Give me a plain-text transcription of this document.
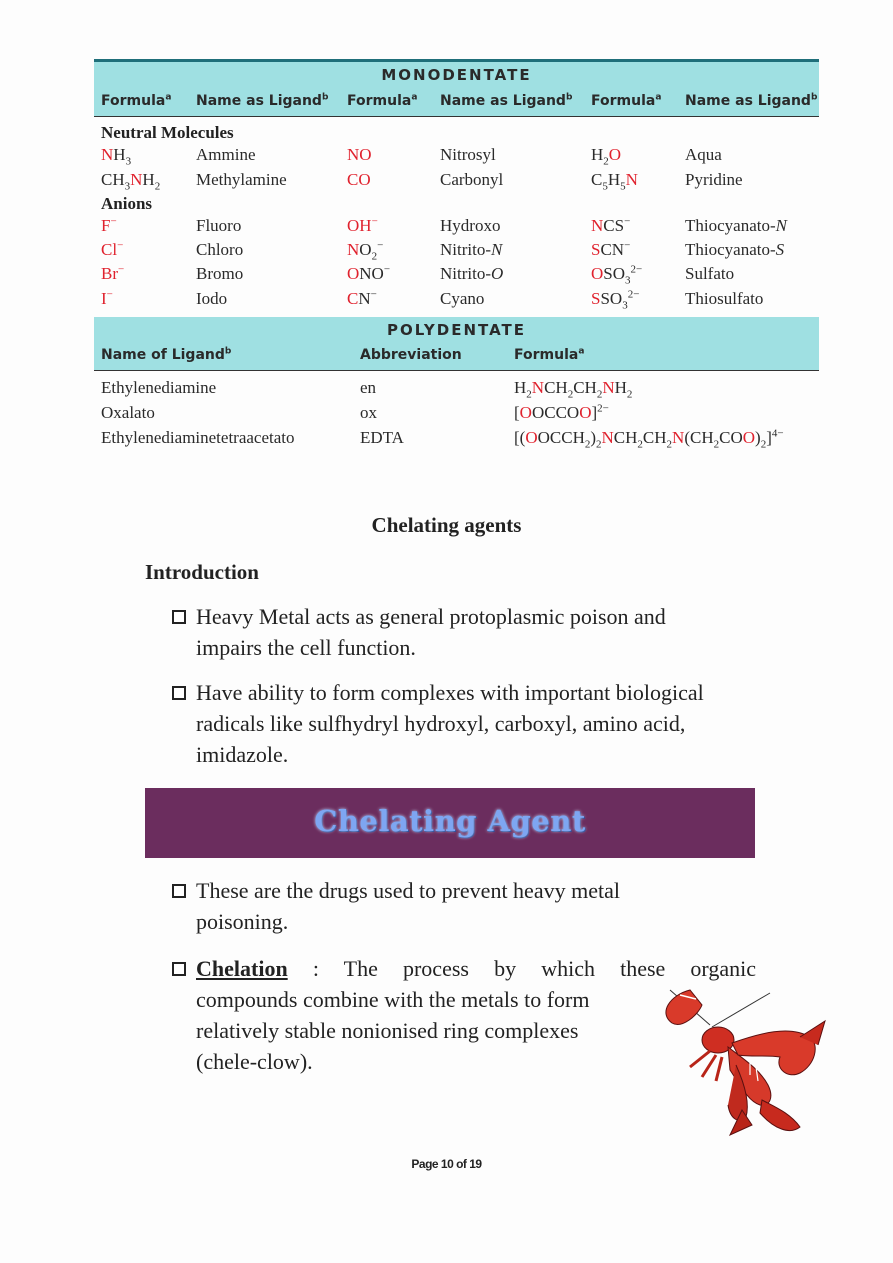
MONODENTATE
Formula$^a$ Name as Ligand$^b$ Formula$^a$ Name as Ligand$^b$ Formula$^a$ Name as Ligand$^b$
Neutral Molecules
$NH_3$	Ammine	NO	Nitrosyl	$H_2O$	Aqua
$CH_3NH_2$ Methylamine	CO	Carbonyl	$C_5H_5N$	Pyridine
Anions
F−	Fluoro	OH−	Hydroxo	NCS−	Thiocyanato-N
Cl−	Chloro	$NO_2^-$	Nitrito-N	SCN−	Thiocyanato-S
Br−	Bromo	ONO−	Nitrito-O	$OSO_3^{2-}$	Sulfato
I−	Iodo	CN−	Cyano	$SSO_3^{2-}$	Thiosulfato
POLYDENTATE
Name of Ligand$^b$	Abbreviation	Formula$^a$
Ethylenediamine	en	$H_2NCH_2CH_2NH_2$
Oxalato	ox	[OOCCOO]$^{2-}$
Ethylenediaminetetraacetato	EDTA	$[(OOCCH_2)_2NCH_2CH_2N(CH_2COO)_2]^{4-}$
Chelating agents
Introduction
Heavy Metal acts as general protoplasmic poison and
impairs the cell function.
Have ability to form complexes with important biological
radicals like sulfhydryl hydroxyl, carboxyl, amino acid,
imidazole.
Chelating Agent
These are the drugs used to prevent heavy metal
poisoning.
Chelation : The process by which these organic
compounds combine with the metals to form
relatively stable nonionised ring complexes
(chele-clow).
Page 10 of 19
